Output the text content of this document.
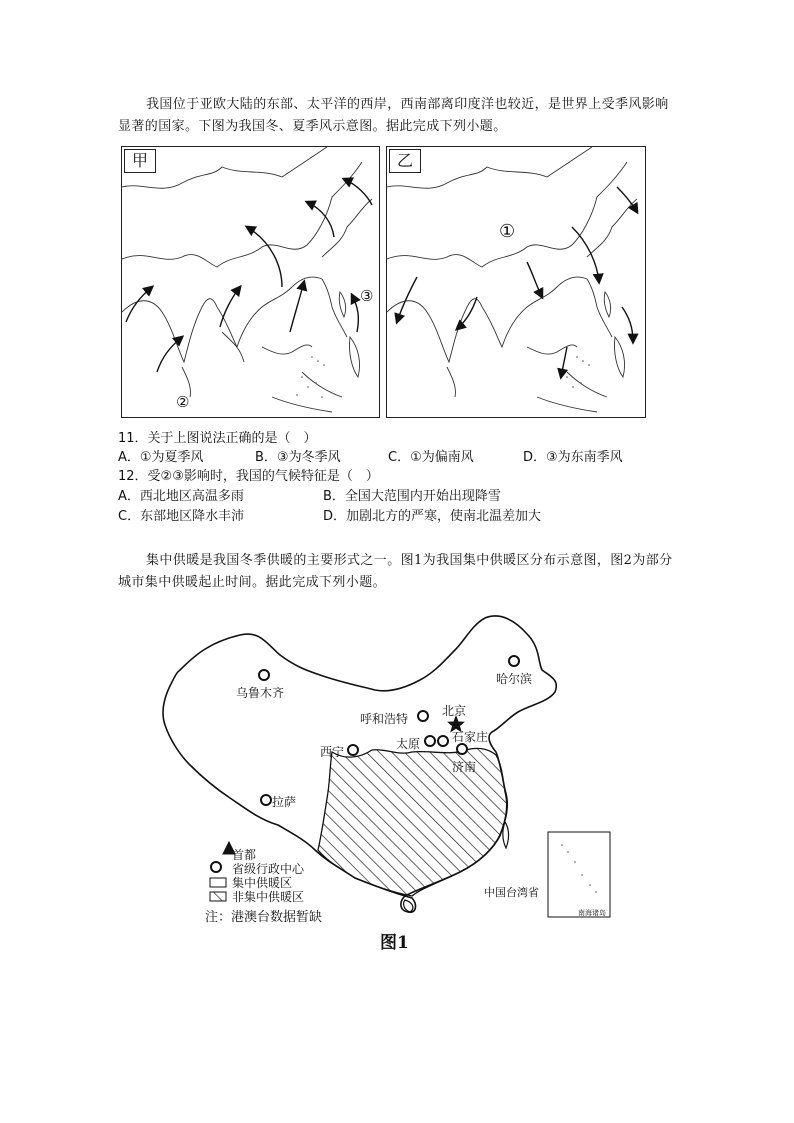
我国位于亚欧大陆的东部、太平洋的西岸，西南部离印度洋也较近，是世界上受季风影响显著的国家。下图为我国冬、夏季风示意图。据此完成下列小题。
甲
②
③
乙
①
11．关于上图说法正确的是（　）
A．①为夏季风	B．③为冬季风	C．①为偏南风	D．③为东南季风
12．受②③影响时，我国的气候特征是（　）
A．西北地区高温多雨	B．全国大范围内开始出现降雪
C．东部地区降水丰沛	D．加剧北方的严寒，使南北温差加大
集中供暖是我国冬季供暖的主要形式之一。图1为我国集中供暖区分布示意图，图2为部分城市集中供暖起止时间。据此完成下列小题。
乌鲁木齐
哈尔滨
北京
呼和浩特
太原	石家庄
西宁
济南
拉萨
中国台湾省
南海诸岛
首都
省级行政中心
集中供暖区
非集中供暖区
注：港澳台数据暂缺
图1
